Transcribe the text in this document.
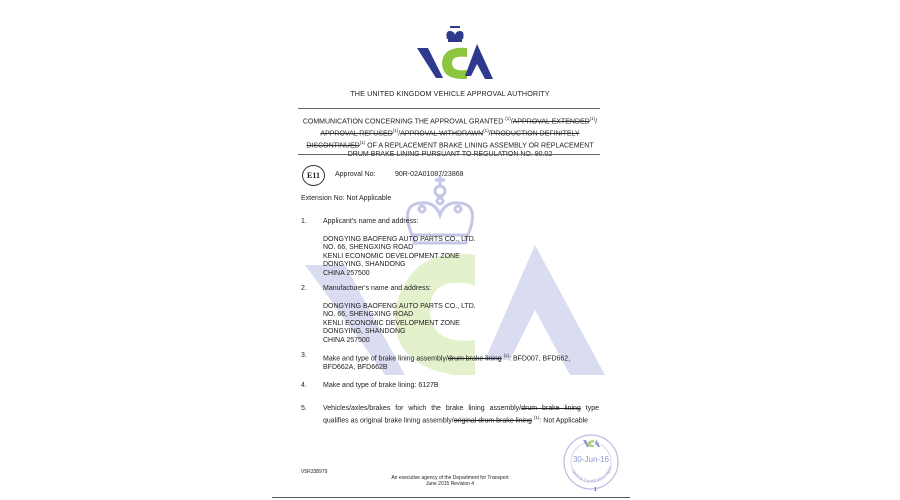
THE UNITED KINGDOM VEHICLE APPROVAL AUTHORITY
COMMUNICATION CONCERNING THE APPROVAL GRANTED $^{(1)}$/APPROVAL EXTENDED$^{(1)}$/ APPROVAL REFUSED$^{(1)}$/APPROVAL WITHDRAWN$^{(1)}$/PRODUCTION DEFINITELY DISCONTINUED$^{(1)}$ OF A REPLACEMENT BRAKE LINING ASSEMBLY OR REPLACEMENT DRUM BRAKE LINING PURSUANT TO REGULATION NO. 90.02
E11	Approval No:	90R-02A01087/23868
Extension No: Not Applicable
1. Applicant's name and address:
DONGYING BAOFENG AUTO PARTS CO., LTD.
NO. 66, SHENGXING ROAD
KENLI ECONOMIC DEVELOPMENT ZONE
DONGYING, SHANDONG
CHINA 257500
2. Manufacturer's name and address:
DONGYING BAOFENG AUTO PARTS CO., LTD.
NO. 66, SHENGXING ROAD
KENLI ECONOMIC DEVELOPMENT ZONE
DONGYING, SHANDONG
CHINA 257500
3. Make and type of brake lining assembly/drum brake lining $^{(1)}$: BFD007, BFD662, BFD662A, BFD662B
4. Make and type of brake lining: 6127B
5. Vehicles/axles/brakes for which the brake lining assembly/drum brake lining type qualifies as original brake lining assembly/original drum brake lining $^{(1)}$: Not Applicable
V5R338979
An executive agency of the Department for Transport
June 2015 Revision 4
Vehicle Certification Agen
30-Jun-16
1
